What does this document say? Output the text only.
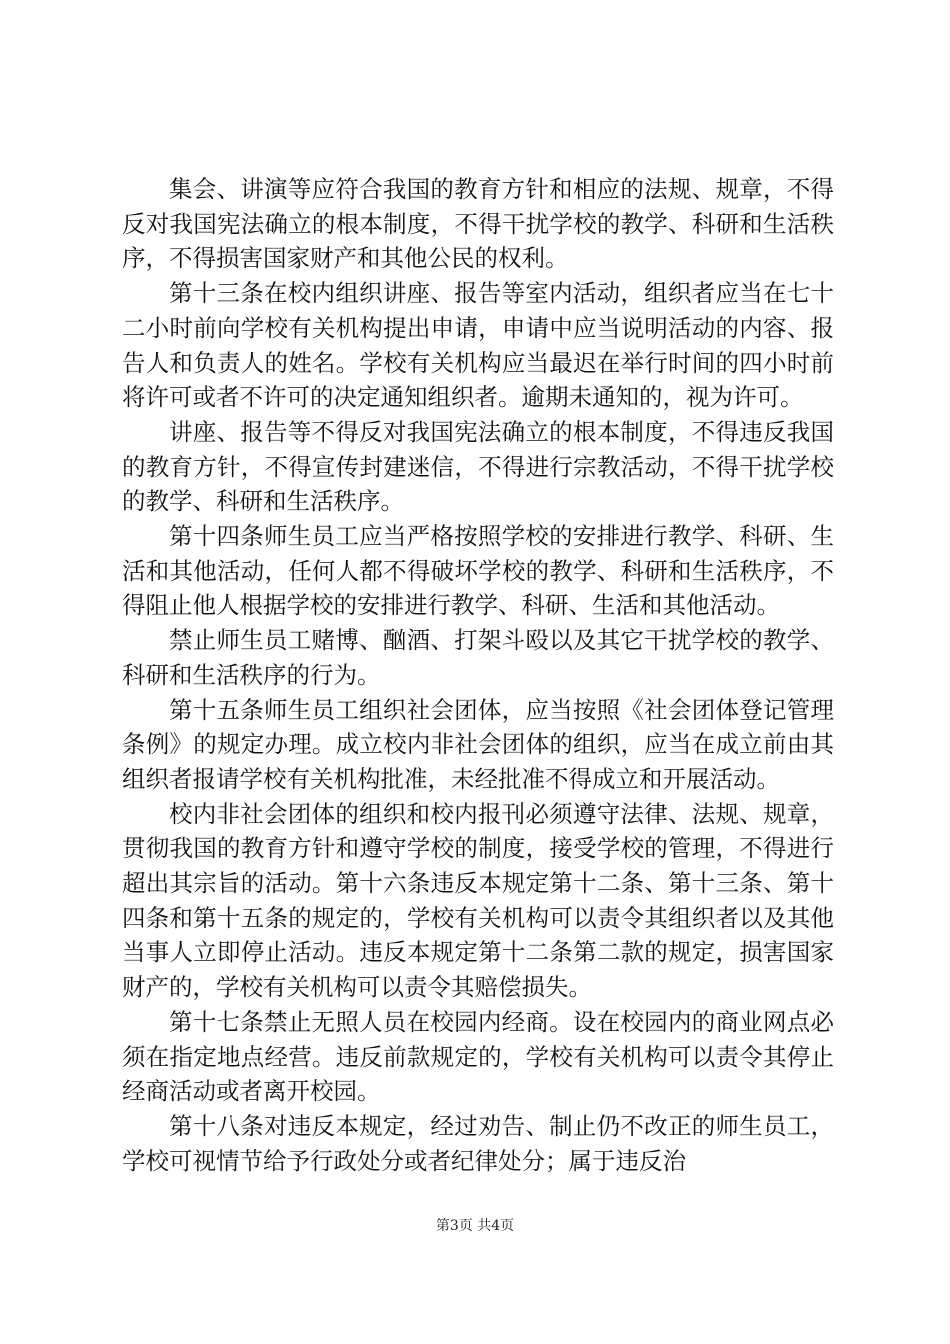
集会、讲演等应符合我国的教育方针和相应的法规、规章，不得反对我国宪法确立的根本制度，不得干扰学校的教学、科研和生活秩序，不得损害国家财产和其他公民的权利。

第十三条在校内组织讲座、报告等室内活动，组织者应当在七十二小时前向学校有关机构提出申请，申请中应当说明活动的内容、报告人和负责人的姓名。学校有关机构应当最迟在举行时间的四小时前将许可或者不许可的决定通知组织者。逾期未通知的，视为许可。

讲座、报告等不得反对我国宪法确立的根本制度，不得违反我国的教育方针，不得宣传封建迷信，不得进行宗教活动，不得干扰学校的教学、科研和生活秩序。

第十四条师生员工应当严格按照学校的安排进行教学、科研、生活和其他活动，任何人都不得破坏学校的教学、科研和生活秩序，不得阻止他人根据学校的安排进行教学、科研、生活和其他活动。

禁止师生员工赌博、酗酒、打架斗殴以及其它干扰学校的教学、科研和生活秩序的行为。

第十五条师生员工组织社会团体，应当按照《社会团体登记管理条例》的规定办理。成立校内非社会团体的组织，应当在成立前由其组织者报请学校有关机构批准，未经批准不得成立和开展活动。

校内非社会团体的组织和校内报刊必须遵守法律、法规、规章，贯彻我国的教育方针和遵守学校的制度，接受学校的管理，不得进行超出其宗旨的活动。第十六条违反本规定第十二条、第十三条、第十四条和第十五条的规定的，学校有关机构可以责令其组织者以及其他当事人立即停止活动。违反本规定第十二条第二款的规定，损害国家财产的，学校有关机构可以责令其赔偿损失。

第十七条禁止无照人员在校园内经商。设在校园内的商业网点必须在指定地点经营。违反前款规定的，学校有关机构可以责令其停止经商活动或者离开校园。

第十八条对违反本规定，经过劝告、制止仍不改正的师生员工，学校可视情节给予行政处分或者纪律处分；属于违反治

第3页 共4页
